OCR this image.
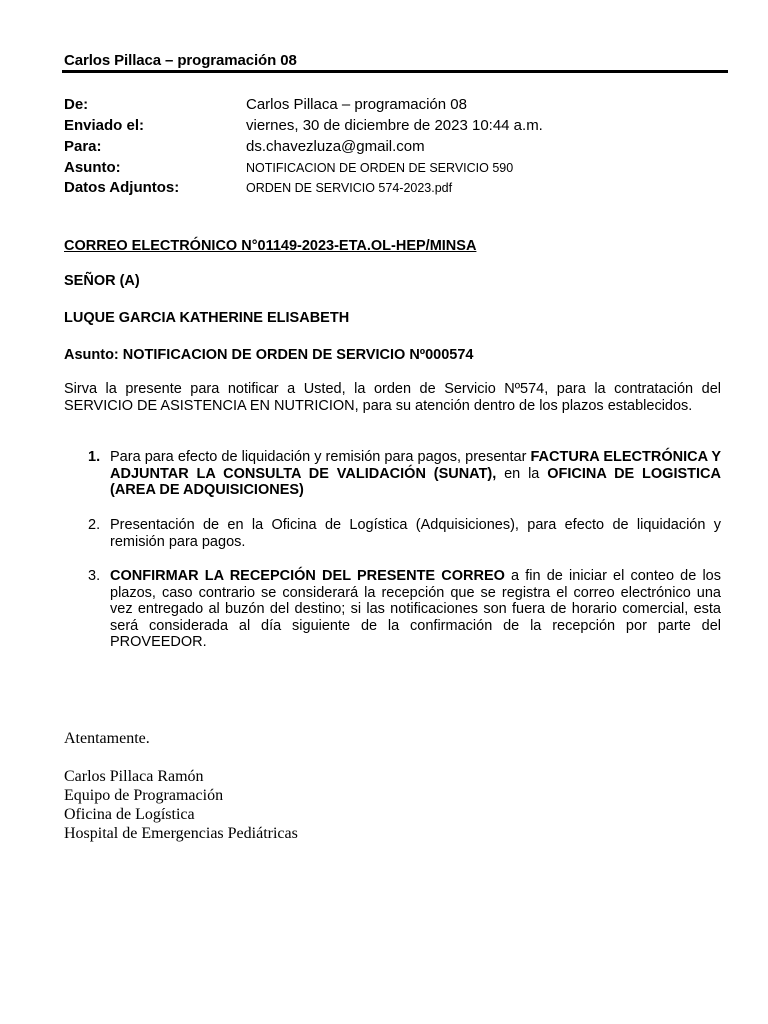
Carlos Pillaca – programación 08
De:	Carlos Pillaca – programación 08
Enviado el:	viernes, 30 de diciembre de 2023 10:44 a.m.
Para:	ds.chavezluza@gmail.com
Asunto:	NOTIFICACION DE ORDEN DE SERVICIO 590
Datos Adjuntos:	ORDEN DE SERVICIO 574-2023.pdf
CORREO ELECTRÓNICO N°01149-2023-ETA.OL-HEP/MINSA
SEÑOR (A)
LUQUE GARCIA KATHERINE ELISABETH
Asunto: NOTIFICACION DE ORDEN DE SERVICIO Nº000574
Sirva la presente para notificar a Usted, la orden de Servicio Nº574, para la contratación del SERVICIO DE ASISTENCIA EN NUTRICION, para su atención dentro de los plazos establecidos.
1. Para para efecto de liquidación y remisión para pagos, presentar FACTURA ELECTRÓNICA Y ADJUNTAR LA CONSULTA DE VALIDACIÓN (SUNAT), en la OFICINA DE LOGISTICA (AREA DE ADQUISICIONES)
2. Presentación de en la Oficina de Logística (Adquisiciones), para efecto de liquidación y remisión para pagos.
3. CONFIRMAR LA RECEPCIÓN DEL PRESENTE CORREO a fin de iniciar el conteo de los plazos, caso contrario se considerará la recepción que se registra el correo electrónico una vez entregado al buzón del destino; si las notificaciones son fuera de horario comercial, esta será considerada al día siguiente de la confirmación de la recepción por parte del PROVEEDOR.
Atentamente.
Carlos Pillaca Ramón
Equipo de Programación
Oficina de Logística
Hospital de Emergencias Pediátricas
